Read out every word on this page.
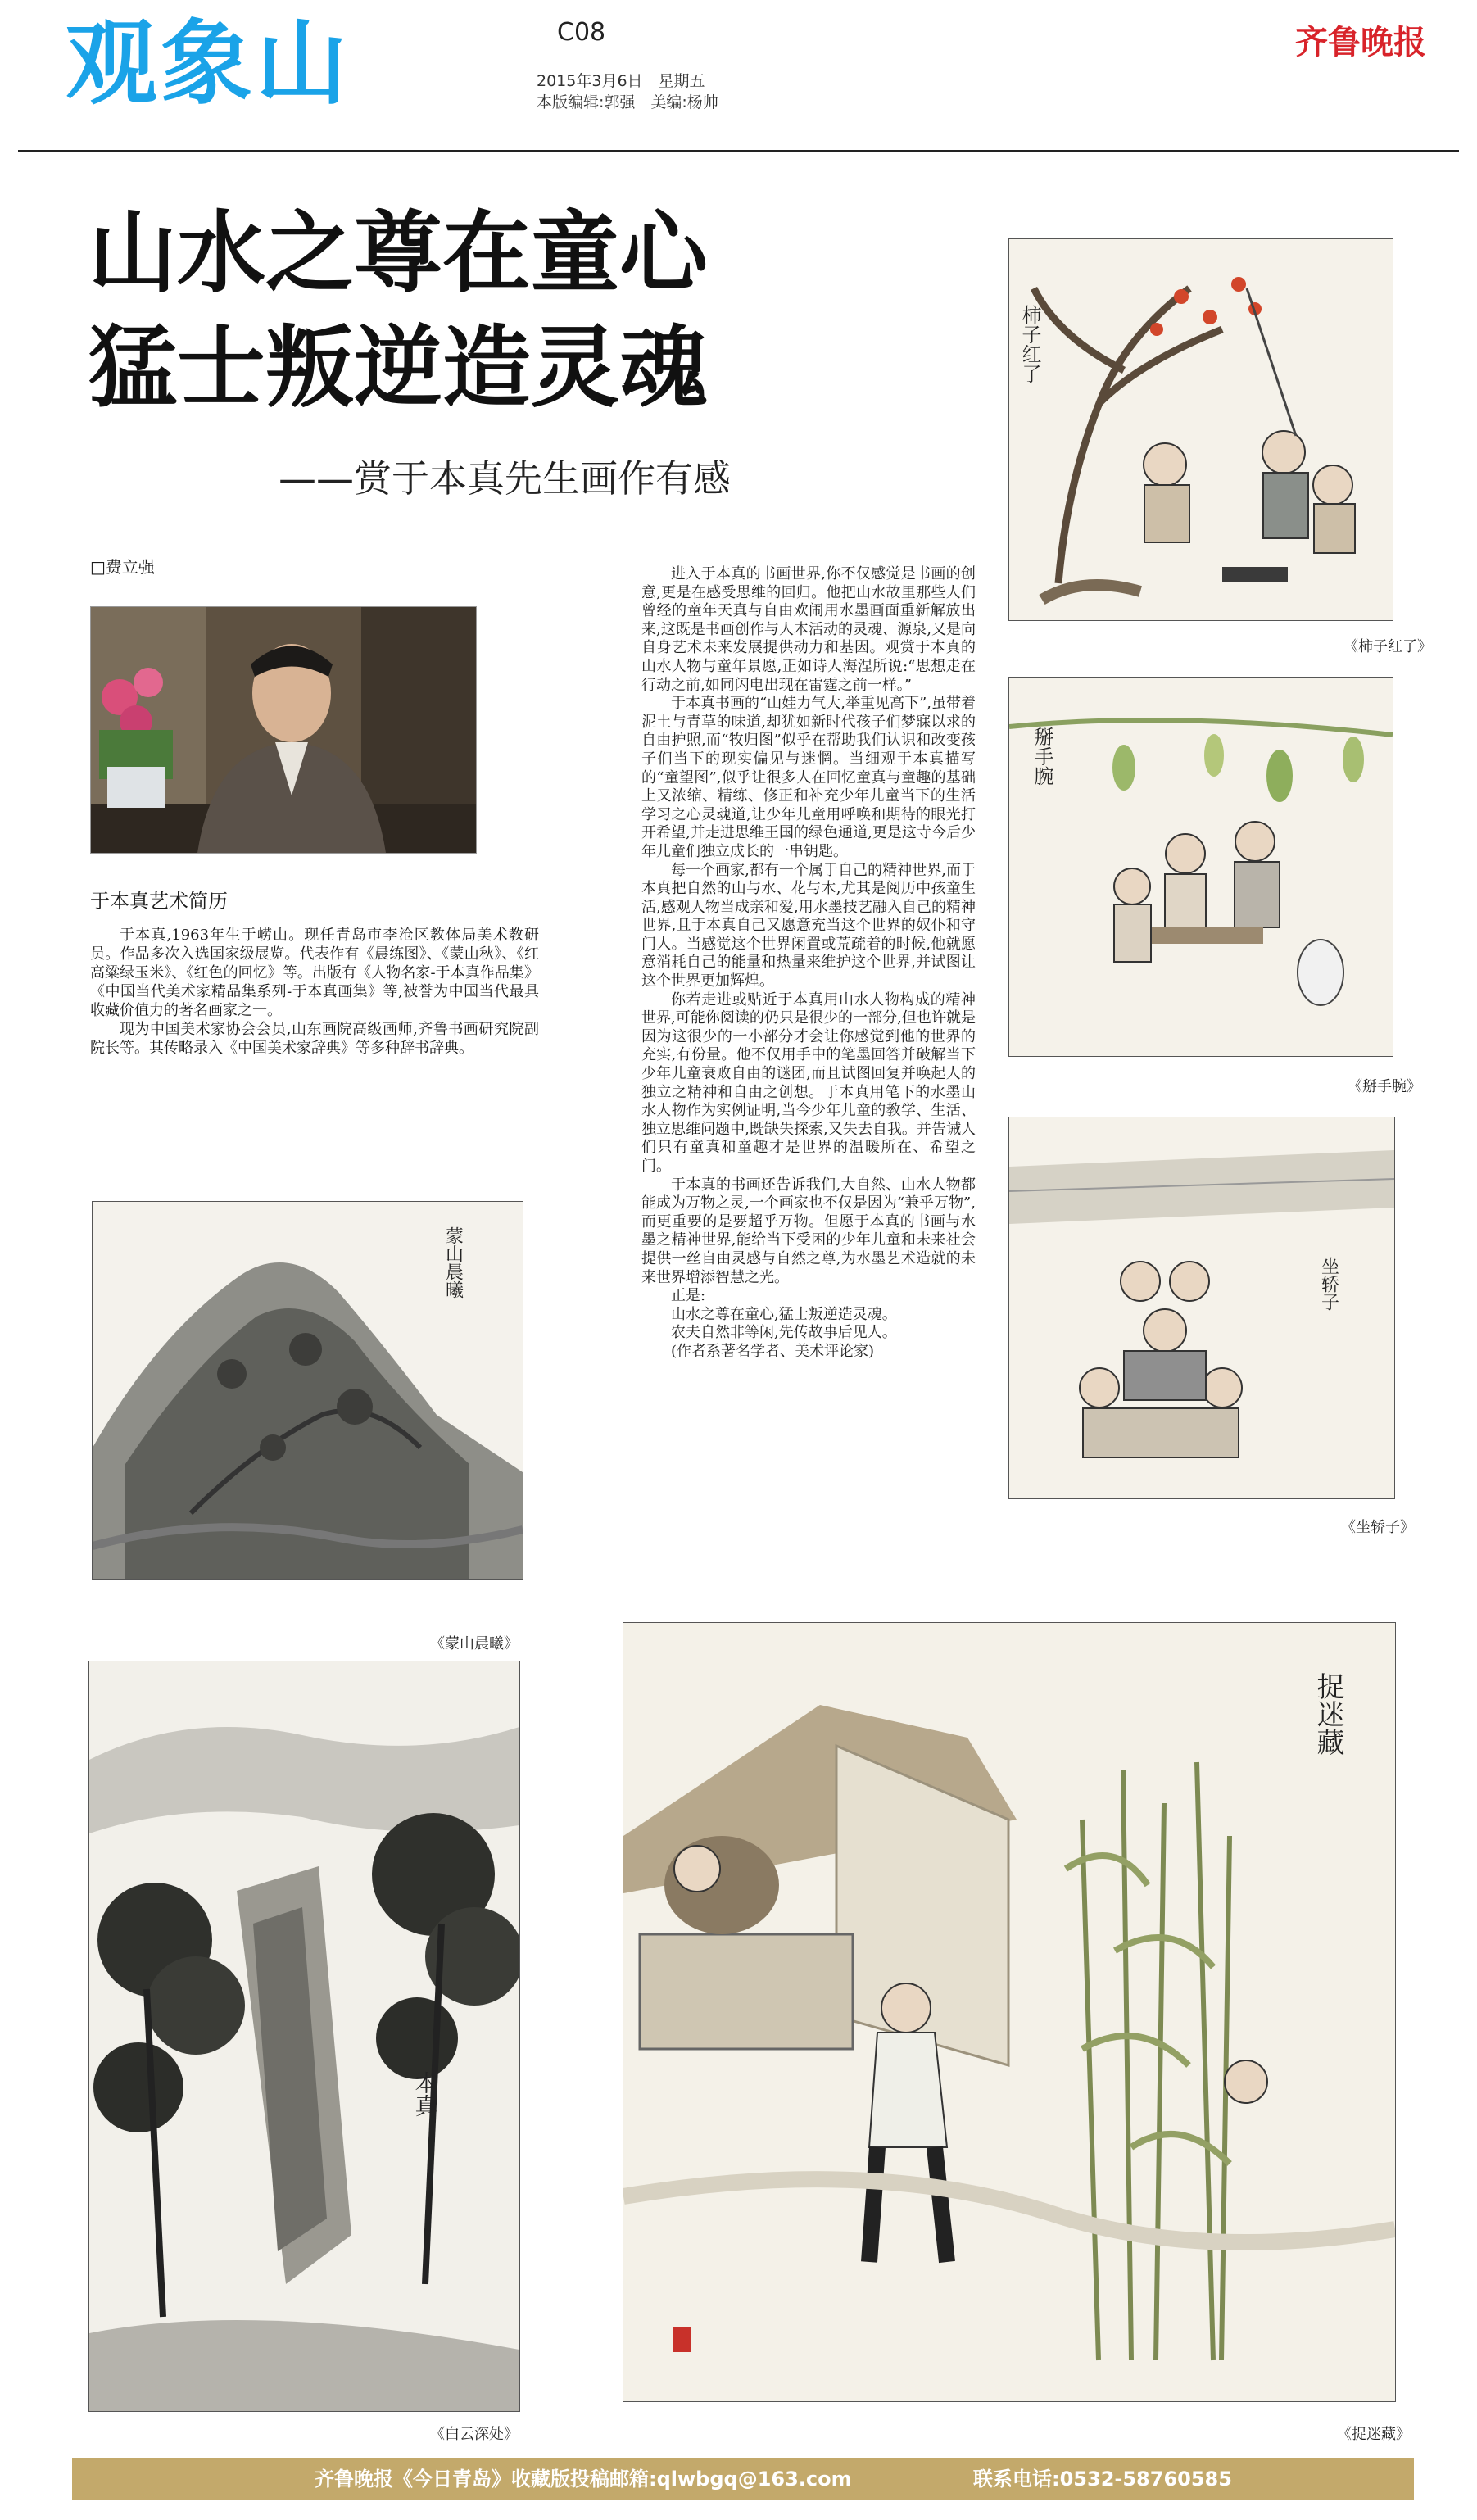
观象山	C08
2015年3月6日　星期五
本版编辑:郭强　美编:杨帅
齐鲁晚报
山水之尊在童心
猛士叛逆造灵魂
——赏于本真先生画作有感
□费立强
于本真艺术简历

于本真,1963年生于崂山。现任青岛市李沧区教体局美术教研员。作品多次入选国家级展览。代表作有《晨练图》、《蒙山秋》、《红高粱绿玉米》、《红色的回忆》等。出版有《人物名家-于本真作品集》《中国当代美术家精品集系列-于本真画集》等,被誉为中国当代最具收藏价值力的著名画家之一。

现为中国美术家协会会员,山东画院高级画师,齐鲁书画研究院副院长等。其传略录入《中国美术家辞典》等多种辞书辞典。

进入于本真的书画世界,你不仅感觉是书画的创意,更是在感受思维的回归。他把山水故里那些人们曾经的童年天真与自由欢闹用水墨画面重新解放出来,这既是书画创作与人本活动的灵魂、源泉,又是向自身艺术未来发展提供动力和基因。观赏于本真的山水人物与童年景愿,正如诗人海涅所说:“思想走在行动之前,如同闪电出现在雷霆之前一样。”

于本真书画的“山娃力气大,举重见高下”,虽带着泥土与青草的味道,却犹如新时代孩子们梦寐以求的自由护照,而“牧归图”似乎在帮助我们认识和改变孩子们当下的现实偏见与迷惘。当细观于本真描写的“童望图”,似乎让很多人在回忆童真与童趣的基础上又浓缩、精练、修正和补充少年儿童当下的生活学习之心灵魂道,让少年儿童用呼唤和期待的眼光打开希望,并走进思维王国的绿色通道,更是这寺今后少年儿童们独立成长的一串钥匙。

每一个画家,都有一个属于自己的精神世界,而于本真把自然的山与水、花与木,尤其是阅历中孩童生活,感观人物当成亲和爱,用水墨技艺融入自己的精神世界,且于本真自己又愿意充当这个世界的奴仆和守门人。当感觉这个世界闲置或荒疏着的时候,他就愿意消耗自己的能量和热量来维护这个世界,并试图让这个世界更加辉煌。

你若走进或贴近于本真用山水人物构成的精神世界,可能你阅读的仍只是很少的一部分,但也许就是因为这很少的一小部分才会让你感觉到他的世界的充实,有份量。他不仅用手中的笔墨回答并破解当下少年儿童衰败自由的谜团,而且试图回复并唤起人的独立之精神和自由之创想。于本真用笔下的水墨山水人物作为实例证明,当今少年儿童的教学、生活、独立思维问题中,既缺失探索,又失去自我。并告诫人们只有童真和童趣才是世界的温暖所在、希望之门。

于本真的书画还告诉我们,大自然、山水人物都能成为万物之灵,一个画家也不仅是因为“兼乎万物”,而更重要的是要超乎万物。但愿于本真的书画与水墨之精神世界,能给当下受困的少年儿童和未来社会提供一丝自由灵感与自然之尊,为水墨艺术造就的未来世界增添智慧之光。

正是:

山水之尊在童心,猛士叛逆造灵魂。
农夫自然非等闲,先传故事后见人。
(作者系著名学者、美术评论家)
柿子红了
《柿子红了》
掰手腕
《掰手腕》
坐轿子
《坐轿子》
蒙山晨曦
《蒙山晨曦》
本真
《白云深处》
捉迷藏
《捉迷藏》
齐鲁晚报《今日青岛》收藏版投稿邮箱:qlwbgq@163.com	联系电话:0532-58760585
